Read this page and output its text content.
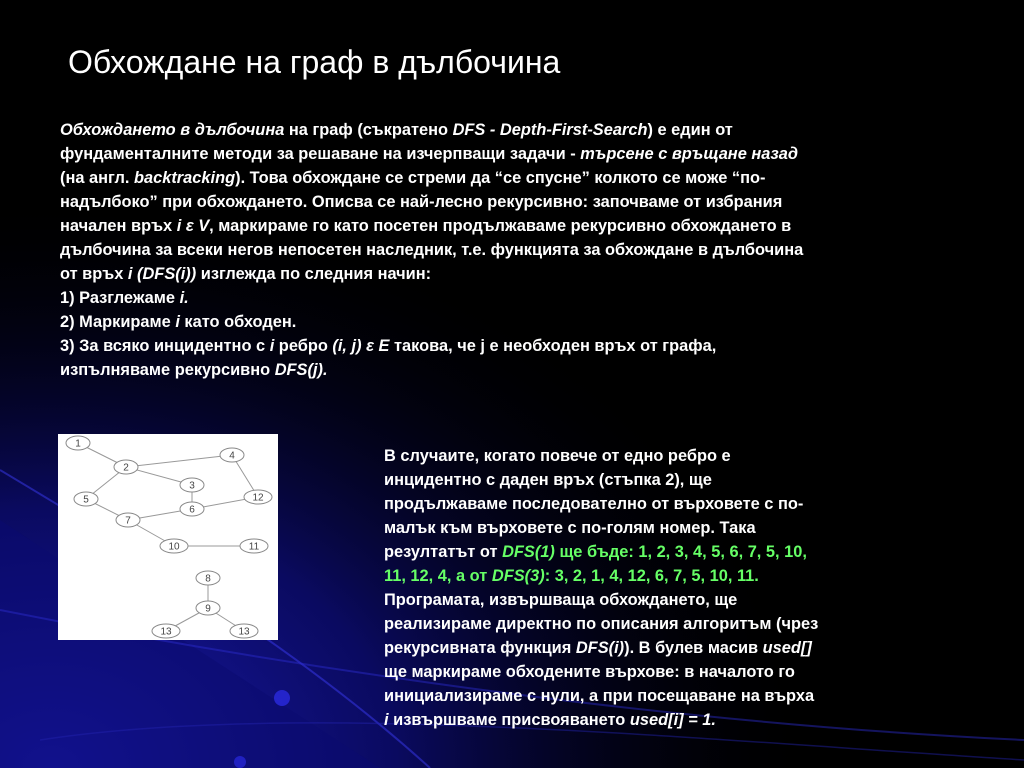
Обхождане на граф в дълбочина

Обхождането в дълбочина на граф (съкратено DFS - Depth-First-Search) е един от

фундаменталните методи за решаване на изчерпващи задачи - търсене с връщане назад

(на англ. backtracking). Това обхождане се стреми да “се спусне” колкото се може “по-

надълбоко” при обхождането. Описва се най-лесно рекурсивно: започваме от избрания

начален връх i ε V, маркираме го като посетен продължаваме рекурсивно обхождането в

дълбочина за всеки негов непосетен наследник, т.е. функцията за обхождане в дълбочина

от връх i (DFS(i)) изглежда по следния начин:

1) Разглежаме i.

2) Маркираме i като обходен.

3) За всяко инцидентно с i ребро (i, j) ε E такова, че j е необходен връх от графа,

изпълняваме рекурсивно DFS(j).

1
2
3
4
5
6
7
8
9
10	11
12
13	13

В случаите, когато повече от едно ребро е

инцидентно с даден връх (стъпка 2), ще

продължаваме последователно от върховете с по-

малък към върховете с по-голям номер. Така

резултатът от DFS(1) ще бъде: 1, 2, 3, 4, 5, 6, 7, 5, 10,

11, 12, 4, а от DFS(3): 3, 2, 1, 4, 12, 6, 7, 5, 10, 11.

Програмата, извършваща обхождането, ще

реализираме директно по описания алгоритъм (чрез

рекурсивната функция DFS(i)). В булев масив used[]

ще маркираме обходените върхове: в началото го

инициализираме с нули, а при посещаване на върха

i извършваме присвояването used[i] = 1.
